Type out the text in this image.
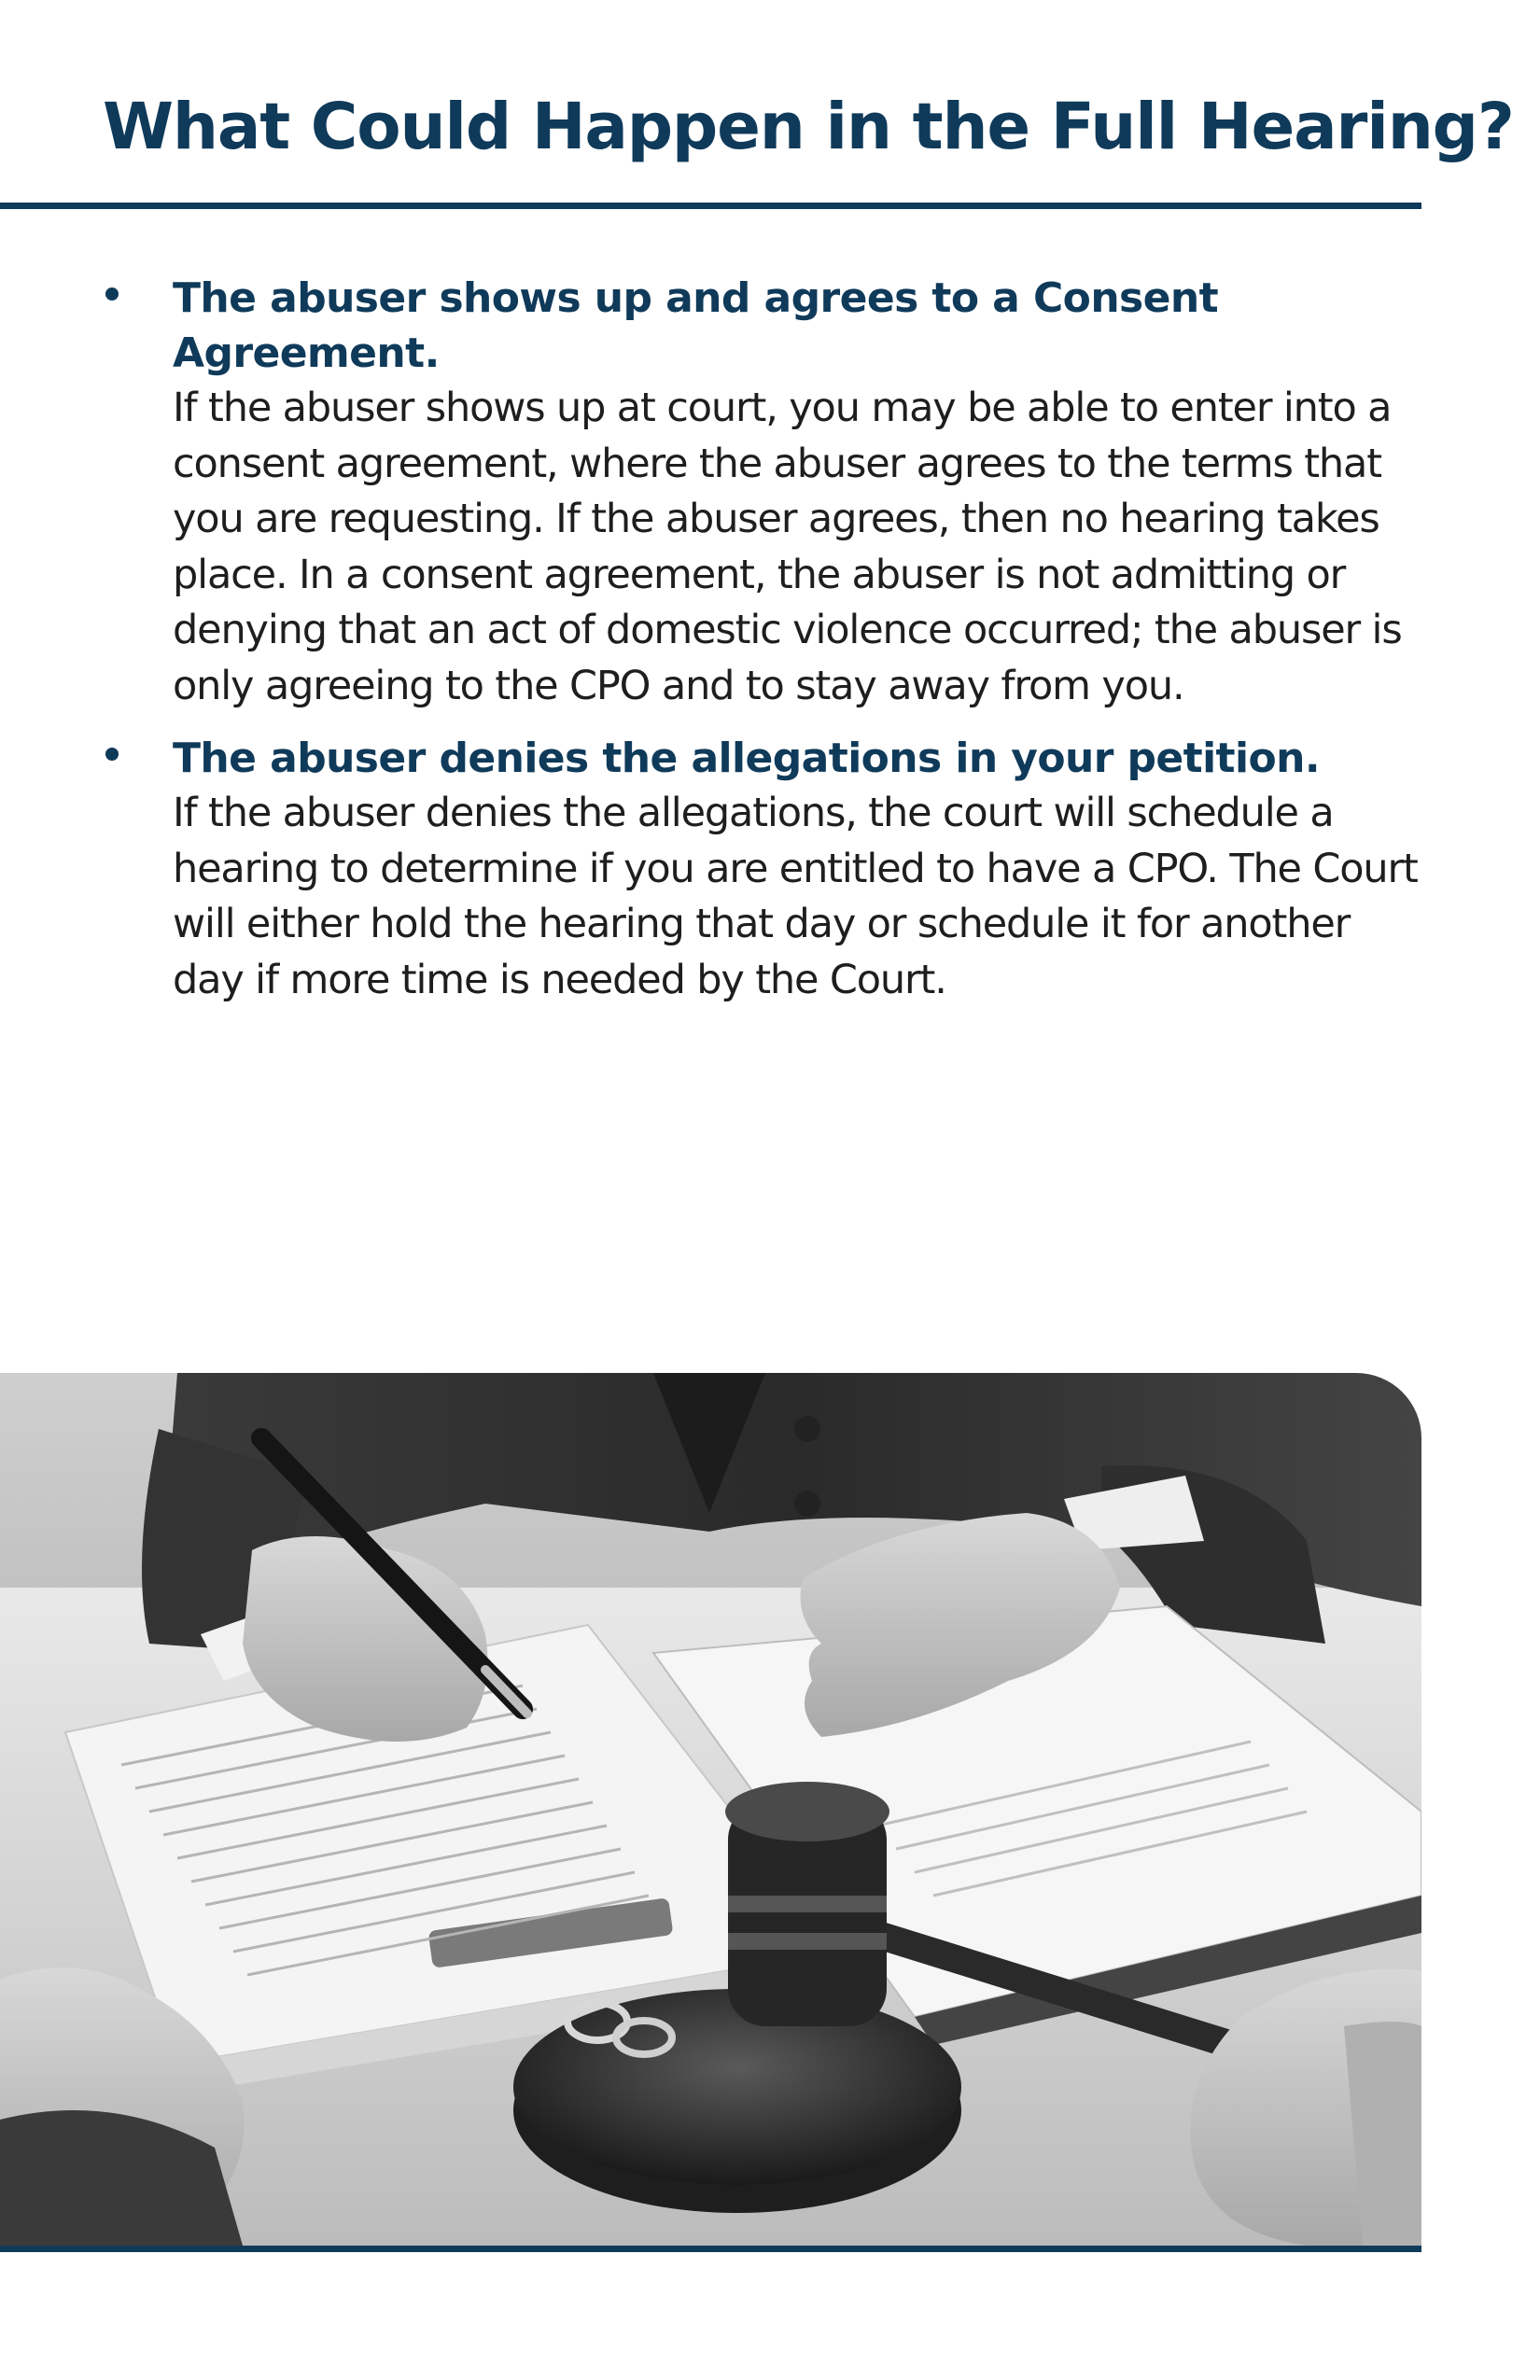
What Could Happen in the Full Hearing?
The abuser shows up and agrees to a Consent Agreement.
If the abuser shows up at court, you may be able to enter into a consent agreement, where the abuser agrees to the terms that you are requesting. If the abuser agrees, then no hearing takes place. In a consent agreement, the abuser is not admitting or denying that an act of domestic violence occurred; the abuser is only agreeing to the CPO and to stay away from you.
The abuser denies the allegations in your petition.
If the abuser denies the allegations, the court will schedule a hearing to determine if you are entitled to have a CPO. The Court will either hold the hearing that day or schedule it for another day if more time is needed by the Court.
